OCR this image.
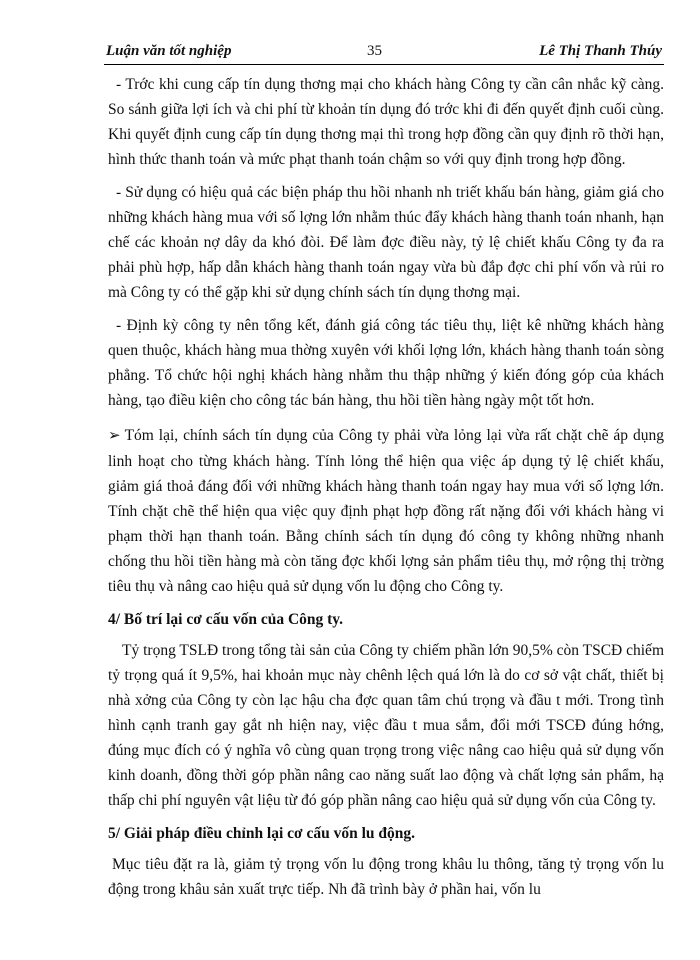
Luận văn tốt nghiệp	35	Lê Thị Thanh Thúy

- Trớc khi cung cấp tín dụng thơng mại cho khách hàng Công ty cần cân nhắc kỹ càng. So sánh giữa lợi ích và chi phí từ khoản tín dụng đó trớc khi đi đến quyết định cuối cùng. Khi quyết định cung cấp tín dụng thơng mại thì trong hợp đồng cần quy định rõ thời hạn, hình thức thanh toán và mức phạt thanh toán chậm so với quy định trong hợp đồng.

- Sử dụng có hiệu quả các biện pháp thu hồi nhanh nh triết khấu bán hàng, giảm giá cho những khách hàng mua với số lợng lớn nhằm thúc đẩy khách hàng thanh toán nhanh, hạn chế các khoản nợ dây da khó đòi. Để làm đợc điều này, tỷ lệ chiết khấu Công ty đa ra phải phù hợp, hấp dẫn khách hàng thanh toán ngay vừa bù đắp đợc chi phí vốn và rủi ro mà Công ty có thể gặp khi sử dụng chính sách tín dụng thơng mại.

- Định kỳ công ty nên tổng kết, đánh giá công tác tiêu thụ, liệt kê những khách hàng quen thuộc, khách hàng mua thờng xuyên với khối lợng lớn, khách hàng thanh toán sòng phẳng. Tổ chức hội nghị khách hàng nhằm thu thập những ý kiến đóng góp của khách hàng, tạo điều kiện cho công tác bán hàng, thu hồi tiền hàng ngày một tốt hơn.

➢ Tóm lại, chính sách tín dụng của Công ty phải vừa lỏng lại vừa rất chặt chẽ áp dụng linh hoạt cho từng khách hàng. Tính lỏng thể hiện qua việc áp dụng tỷ lệ chiết khấu, giảm giá thoả đáng đối với những khách hàng thanh toán ngay hay mua với số lợng lớn. Tính chặt chẽ thể hiện qua việc quy định phạt hợp đồng rất nặng đối với khách hàng vi phạm thời hạn thanh toán. Bằng chính sách tín dụng đó công ty không những nhanh chống thu hồi tiền hàng mà còn tăng đợc khối lợng sản phẩm tiêu thụ, mở rộng thị trờng tiêu thụ và nâng cao hiệu quả sử dụng vốn lu động cho Công ty.

4/ Bố trí lại cơ cấu vốn của Công ty.

Tỷ trọng TSLĐ trong tổng tài sản của Công ty chiếm phần lớn 90,5% còn TSCĐ chiếm tỷ trọng quá ít 9,5%, hai khoản mục này chênh lệch quá lớn là do cơ sở vật chất, thiết bị nhà xởng của Công ty còn lạc hậu cha đợc quan tâm chú trọng và đầu t mới. Trong tình hình cạnh tranh gay gắt nh hiện nay, việc đầu t mua sắm, đổi mới TSCĐ đúng hớng, đúng mục đích có ý nghĩa vô cùng quan trọng trong việc nâng cao hiệu quả sử dụng vốn kinh doanh, đồng thời góp phần nâng cao năng suất lao động và chất lợng sản phẩm, hạ thấp chi phí nguyên vật liệu từ đó góp phần nâng cao hiệu quả sử dụng vốn của Công ty.

5/ Giải pháp điều chỉnh lại cơ cấu vốn lu động.

Mục tiêu đặt ra là, giảm tỷ trọng vốn lu động trong khâu lu thông, tăng tỷ trọng vốn lu động trong khâu sản xuất trực tiếp. Nh đã trình bày ở phần hai, vốn lu
